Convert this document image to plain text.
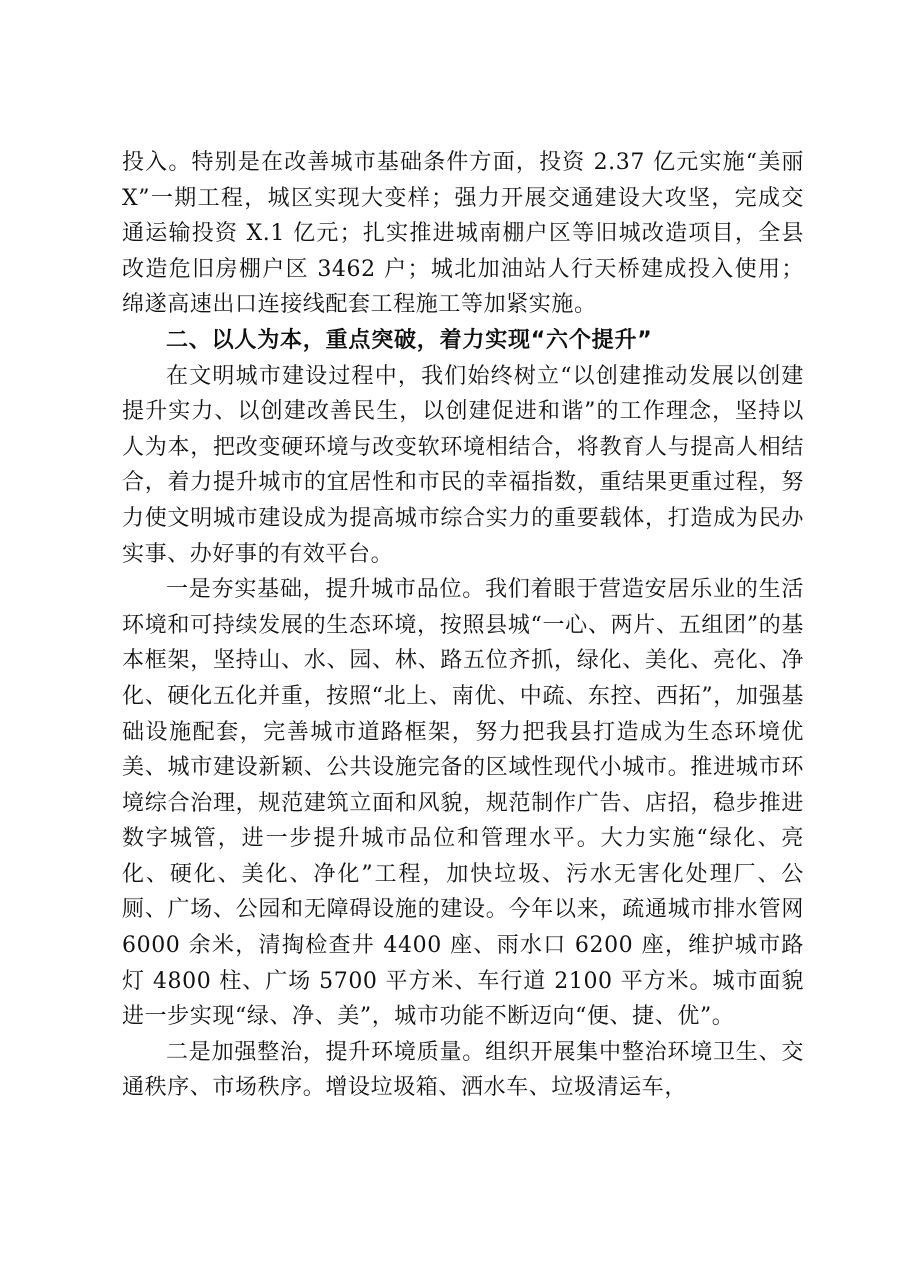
投入。特别是在改善城市基础条件方面，投资 2.37 亿元实施“美丽 X”一期工程，城区实现大变样；强力开展交通建设大攻坚，完成交通运输投资 X.1 亿元；扎实推进城南棚户区等旧城改造项目，全县改造危旧房棚户区 3462 户；城北加油站人行天桥建成投入使用；绵遂高速出口连接线配套工程施工等加紧实施。

二、以人为本，重点突破，着力实现“六个提升”

在文明城市建设过程中，我们始终树立“以创建推动发展以创建提升实力、以创建改善民生，以创建促进和谐”的工作理念，坚持以人为本，把改变硬环境与改变软环境相结合，将教育人与提高人相结合，着力提升城市的宜居性和市民的幸福指数，重结果更重过程，努力使文明城市建设成为提高城市综合实力的重要载体，打造成为民办实事、办好事的有效平台。

一是夯实基础，提升城市品位。我们着眼于营造安居乐业的生活环境和可持续发展的生态环境，按照县城“一心、两片、五组团”的基本框架，坚持山、水、园、林、路五位齐抓，绿化、美化、亮化、净化、硬化五化并重，按照“北上、南优、中疏、东控、西拓”，加强基础设施配套，完善城市道路框架，努力把我县打造成为生态环境优美、城市建设新颖、公共设施完备的区域性现代小城市。推进城市环境综合治理，规范建筑立面和风貌，规范制作广告、店招，稳步推进数字城管，进一步提升城市品位和管理水平。大力实施“绿化、亮化、硬化、美化、净化”工程，加快垃圾、污水无害化处理厂、公厕、广场、公园和无障碍设施的建设。今年以来，疏通城市排水管网 6000 余米，清掏检查井 4400 座、雨水口 6200 座，维护城市路灯 4800 柱、广场 5700 平方米、车行道 2100 平方米。城市面貌进一步实现“绿、净、美”，城市功能不断迈向“便、捷、优”。

二是加强整治，提升环境质量。组织开展集中整治环境卫生、交通秩序、市场秩序。增设垃圾箱、洒水车、垃圾清运车，
